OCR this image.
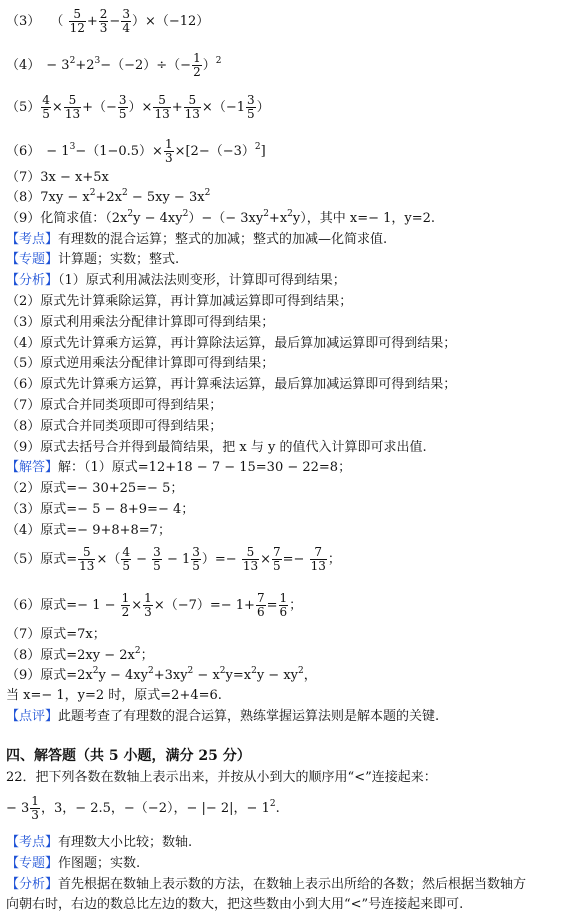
（3） （ $\frac{5}{12} + \frac{2}{3} - \frac{3}{4} )\times(-12)$
$(4) - 3^2+2^3-(-2)\div(- \frac{1}{2} )^2$
$(5) \frac{4}{5} \times \frac{5}{13}$ +（− $\frac{3}{5}$ ）× $\frac{5}{13} + \frac{5}{13} \times(-1 \frac{3}{5}$ ）
$(6) - 1^3-(1-0.5)\times \frac{1}{3} \times[2-(-3)^2]$
（7）3x − x+5x
$(8)7xy - x^2+2x^2 - 5xy - 3x^2$
（9）化简求值：$(2x^2y - 4xy^2)-(- 3xy^2+x^2y)$，其中 x=− 1，y=2.
【考点】有理数的混合运算；整式的加减；整式的加减—化简求值.
【专题】计算题；实数；整式.
【分析】（1）原式利用减法法则变形，计算即可得到结果；
（2）原式先计算乘除运算，再计算加减运算即可得到结果；
（3）原式利用乘法分配律计算即可得到结果；
（4）原式先计算乘方运算，再计算除法运算，最后算加减运算即可得到结果；
（5）原式逆用乘法分配律计算即可得到结果；
（6）原式先计算乘方运算，再计算乘法运算，最后算加减运算即可得到结果；
（7）原式合并同类项即可得到结果；
（8）原式合并同类项即可得到结果；
（9）原式去括号合并得到最简结果，把 x 与 y 的值代入计算即可求出值.
【解答】解：（1）原式=12+18 − 7 − 15=30 − 22=8；
（2）原式=− 30+25=− 5；
（3）原式=− 5 − 8+9=− 4；
（4）原式=− 9+8+8=7；
（5）原式= $\frac{5}{13}$ ×（ $\frac{4}{5} - \frac{3}{5} - 1 \frac{3}{5}$ ）=− $\frac{5}{13} \times \frac{7}{5} =- \frac{7}{13}$ ；
（6）原式=− $1 - \frac{1}{2} \times \frac{1}{3} \times(-7)=- 1+ \frac{7}{6} = \frac{1}{6}$ ；
（7）原式=7x；
（8）原式$=2xy - 2x^2$；
（9）原式$=2x^2y - 4xy^2+3xy^2 - x^2y=x^2y - xy^2$，
当 x=− 1，y=2 时，原式=2+4=6.
【点评】此题考查了有理数的混合运算，熟练掌握运算法则是解本题的关键.
四、解答题（共 5 小题，满分 25 分）
22．把下列各数在数轴上表示出来，并按从小到大的顺序用“<”连接起来：
− $3 \frac{1}{3}$ ，3，− 2.5，−（−2），− |− 2|，− $1^2$.
【考点】有理数大小比较；数轴.
【专题】作图题；实数.
【分析】首先根据在数轴上表示数的方法，在数轴上表示出所给的各数；然后根据当数轴方
向朝右时，右边的数总比左边的数大，把这些数由小到大用“<”号连接起来即可.
